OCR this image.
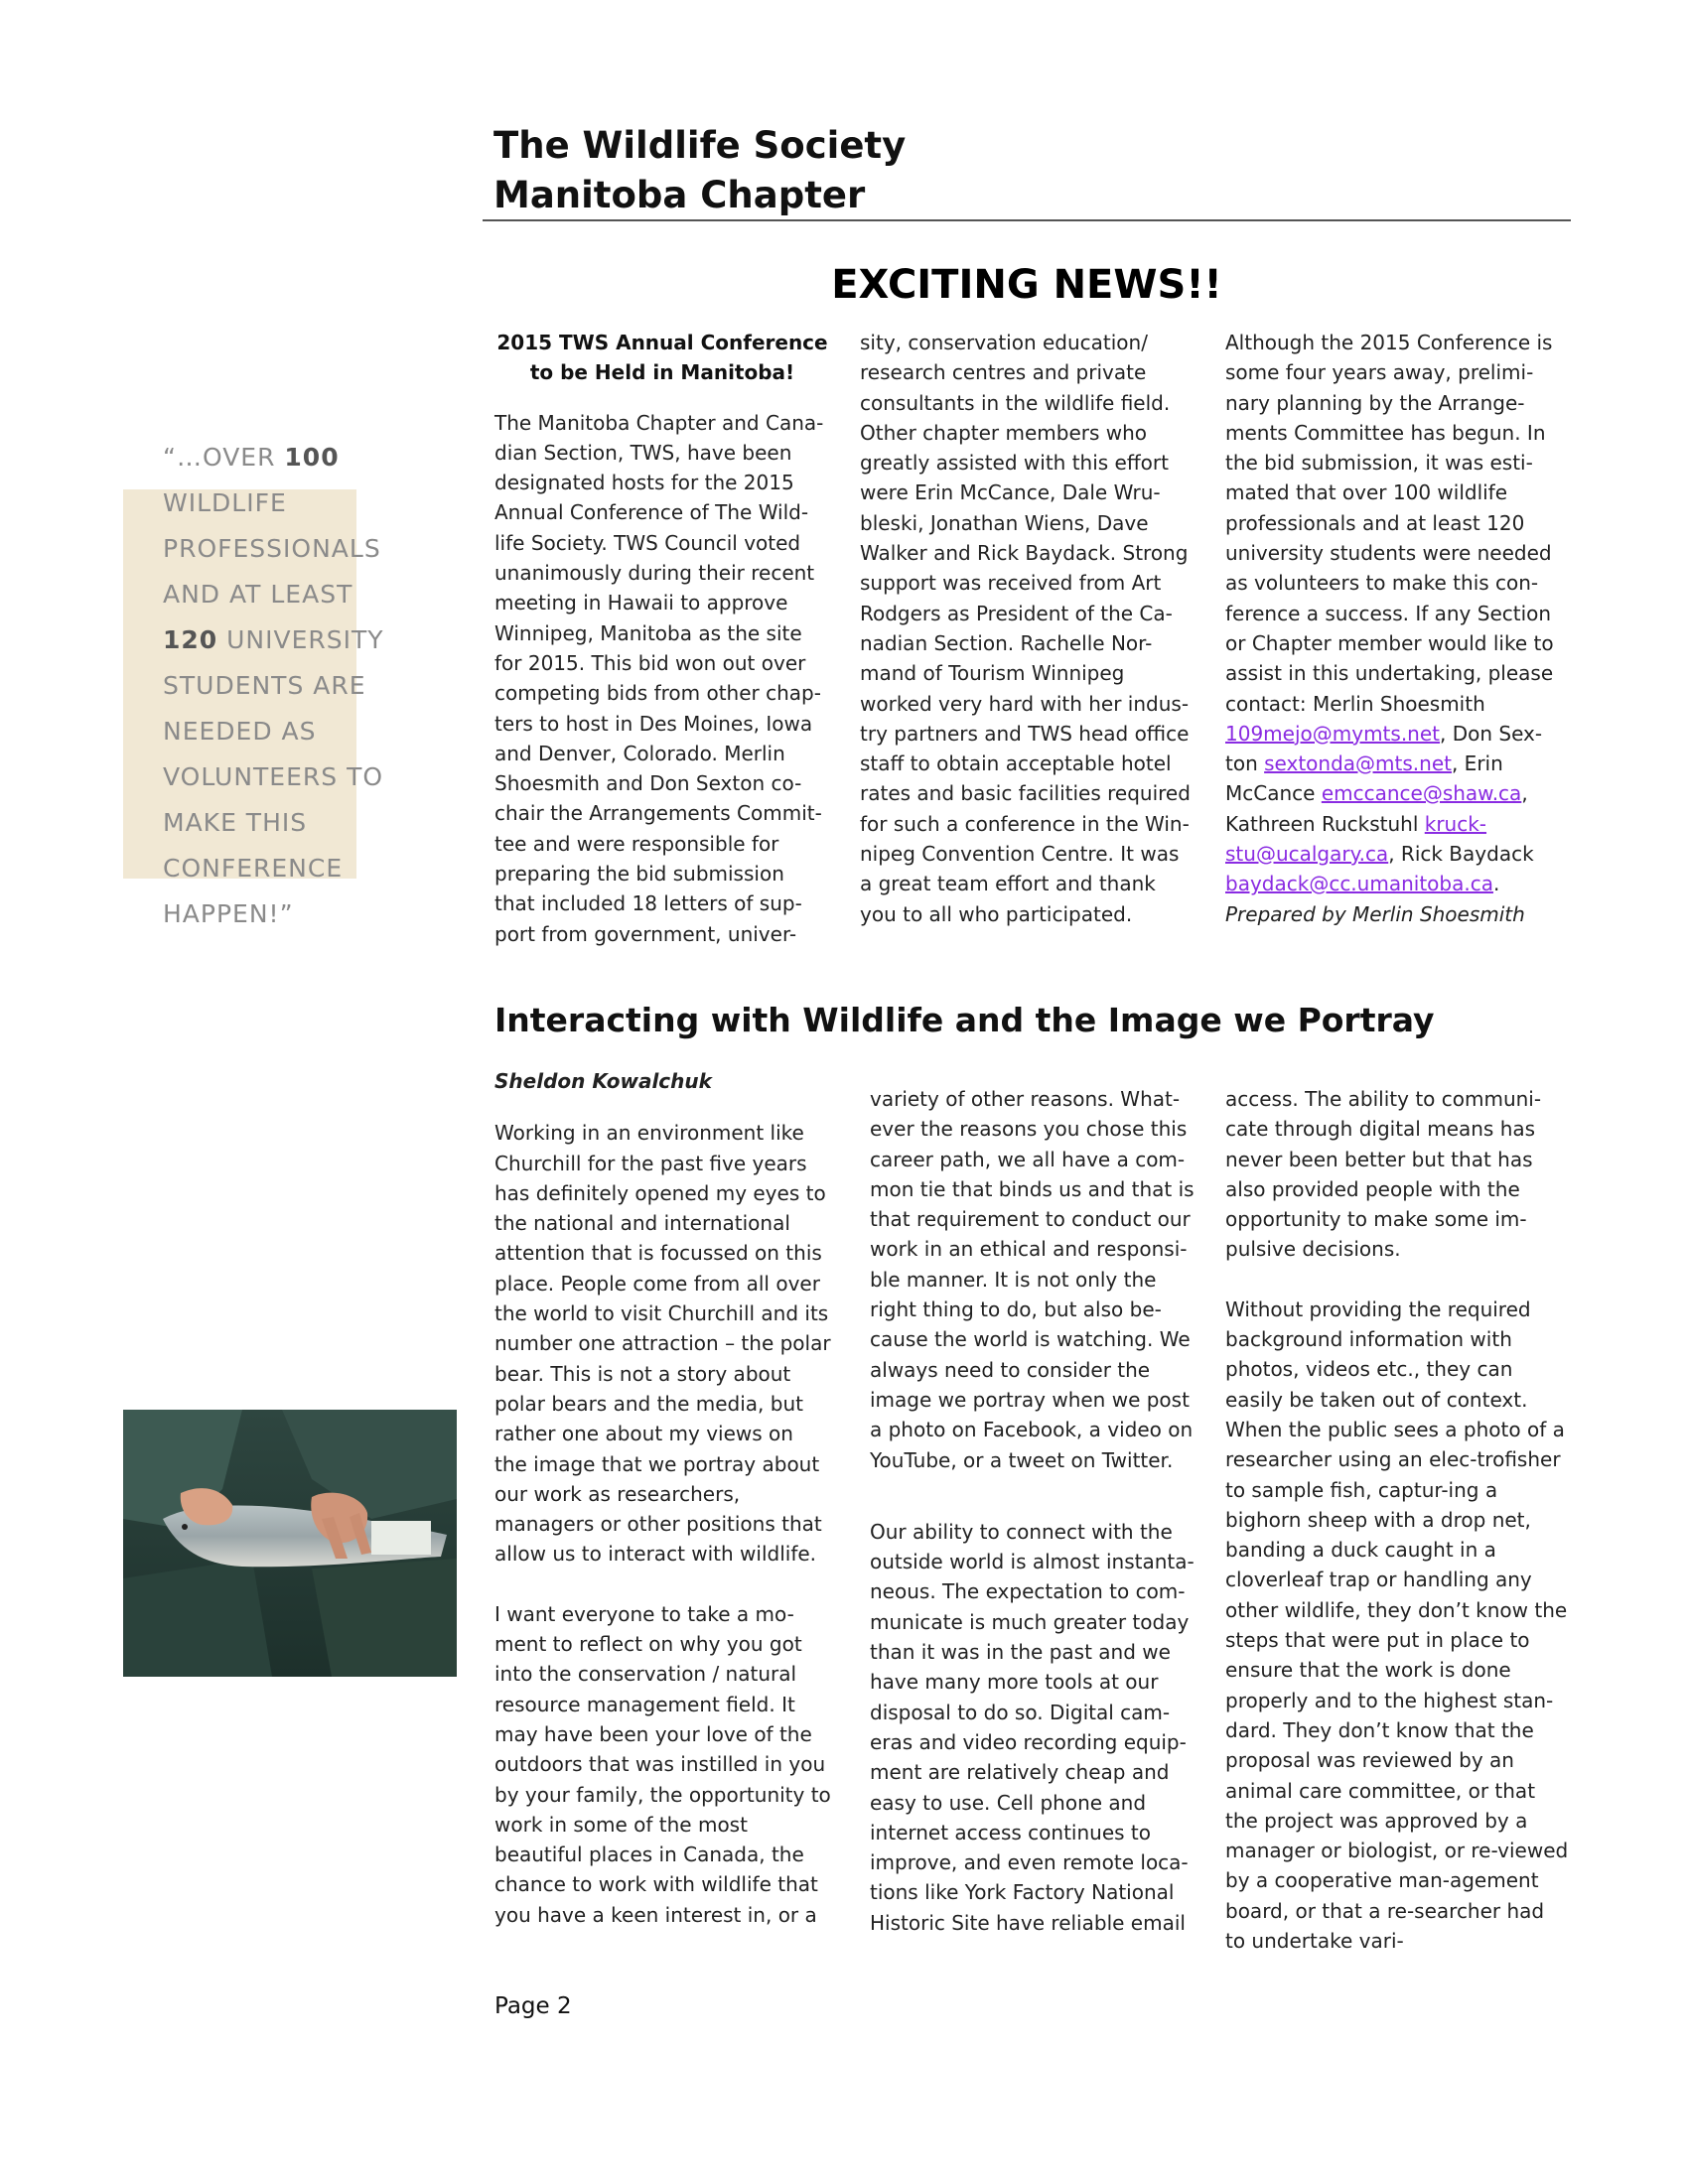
The Wildlife Society
Manitoba Chapter
EXCITING NEWS!!

2015 TWS Annual Conference to be Held in Manitoba!

The Manitoba Chapter and Cana-dian Section, TWS, have been designated hosts for the 2015 Annual Conference of The Wild-life Society. TWS Council voted unanimously during their recent meeting in Hawaii to approve Winnipeg, Manitoba as the site for 2015. This bid won out over competing bids from other chap-ters to host in Des Moines, Iowa and Denver, Colorado. Merlin Shoesmith and Don Sexton co-chair the Arrangements Commit-tee and were responsible for preparing the bid submission that included 18 letters of sup-port from government, univer-

sity, conservation education/ research centres and private consultants in the wildlife field. Other chapter members who greatly assisted with this effort were Erin McCance, Dale Wru-bleski, Jonathan Wiens, Dave Walker and Rick Baydack. Strong support was received from Art Rodgers as President of the Ca-nadian Section. Rachelle Nor-mand of Tourism Winnipeg worked very hard with her indus-try partners and TWS head office staff to obtain acceptable hotel rates and basic facilities required for such a conference in the Win-nipeg Convention Centre. It was a great team effort and thank you to all who participated.

Although the 2015 Conference is some four years away, prelimi-nary planning by the Arrange-ments Committee has begun. In the bid submission, it was esti-mated that over 100 wildlife professionals and at least 120 university students were needed as volunteers to make this con-ference a success. If any Section or Chapter member would like to assist in this undertaking, please contact: Merlin Shoesmith 109mejo@mymts.net, Don Sex-ton sextonda@mts.net, Erin McCance emccance@shaw.ca, Kathreen Ruckstuhl kruck-stu@ucalgary.ca, Rick Baydack baydack@cc.umanitoba.ca.

Prepared by Merlin Shoesmith

“…OVER 100 WILDLIFE PROFESSIONALS AND AT LEAST 120 UNIVERSITY STUDENTS ARE NEEDED AS VOLUNTEERS TO MAKE THIS CONFERENCE HAPPEN!”
Interacting with Wildlife and the Image we Portray

Sheldon Kowalchuk

Working in an environment like Churchill for the past five years has definitely opened my eyes to the national and international attention that is focussed on this place. People come from all over the world to visit Churchill and its number one attraction – the polar bear. This is not a story about polar bears and the media, but rather one about my views on the image that we portray about our work as researchers, managers or other positions that allow us to interact with wildlife.

I want everyone to take a mo-ment to reflect on why you got into the conservation / natural resource management field. It may have been your love of the outdoors that was instilled in you by your family, the opportunity to work in some of the most beautiful places in Canada, the chance to work with wildlife that you have a keen interest in, or a

variety of other reasons. What-ever the reasons you chose this career path, we all have a com-mon tie that binds us and that is that requirement to conduct our work in an ethical and responsi-ble manner. It is not only the right thing to do, but also be-cause the world is watching. We always need to consider the image we portray when we post a photo on Facebook, a video on YouTube, or a tweet on Twitter.

Our ability to connect with the outside world is almost instanta-neous. The expectation to com-municate is much greater today than it was in the past and we have many more tools at our disposal to do so. Digital cam-eras and video recording equip-ment are relatively cheap and easy to use. Cell phone and internet access continues to improve, and even remote loca-tions like York Factory National Historic Site have reliable email

access. The ability to communi-cate through digital means has never been better but that has also provided people with the opportunity to make some im-pulsive decisions.

Without providing the required background information with photos, videos etc., they can easily be taken out of context. When the public sees a photo of a researcher using an elec-trofisher to sample fish, captur-ing a bighorn sheep with a drop net, banding a duck caught in a cloverleaf trap or handling any other wildlife, they don’t know the steps that were put in place to ensure that the work is done properly and to the highest stan-dard. They don’t know that the proposal was reviewed by an animal care committee, or that the project was approved by a manager or biologist, or re-viewed by a cooperative man-agement board, or that a re-searcher had to undertake vari-

Page 2
